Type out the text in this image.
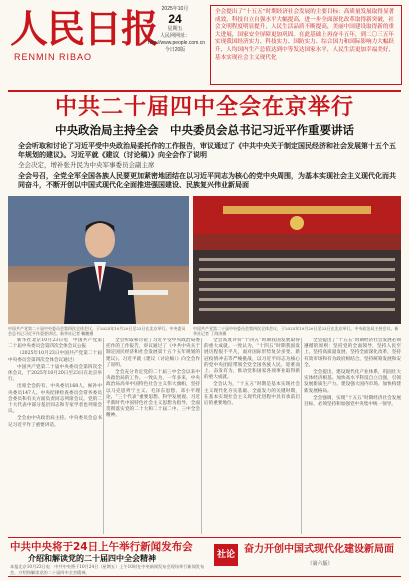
人民日报
RENMIN RIBAO
2025年10月
24
星期五
人民网网址：
http://www.people.com.cn
今日20版
全会提出了“十五五”时期经济社会发展的主要目标：高质量发展取得显著成效，科技自立自强水平大幅提高，进一步全面深化改革取得新突破，社会文明程度明显提升，人民生活品质不断提高，美丽中国建设取得新的重大进展，国家安全屏障更加巩固。在此基础上再奋斗五年，到二〇三五年实现我国经济实力、科技实力、国防实力、综合国力和国际影响力大幅跃升，人均国内生产总值达到中等发达国家水平，人民生活更加幸福美好，基本实现社会主义现代化
中共二十届四中全会在京举行
中央政治局主持全会　中央委员会总书记习近平作重要讲话
全会听取和讨论了习近平受中央政治局委托作的工作报告，审议通过了《中共中央关于制定国民经济和社会发展第十五个五年规划的建议》。习近平就《建议（讨论稿）》向全会作了说明
全会决定，增补张升民为中央军事委员会副主席
全会号召，全党全军全国各族人民要更加紧密地团结在以习近平同志为核心的党中央周围，为基本实现社会主义现代化而共同奋斗，不断开创以中国式现代化全面推进强国建设、民族复兴伟业新局面
中国共产党第二十届中央委员会第四次全体会议，于2025年10月20日至23日在北京举行。中央委员会总书记习近平作重要讲话。新华社记者 鞠鹏摄
中国共产党第二十届中央委员会第四次全体会议，于2025年10月20日至23日在北京举行。中央政治局主持会议。新华社记者 丁海涛摄

新华社北京10月23日电　中国共产党第二十届中央委员会第四次全体会议公报

（2025年10月23日中国共产党第二十届中央委员会第四次全体会议通过）

中国共产党第二十届中央委员会第四次全体会议，于2025年10月20日至23日在北京举行。

出席全会的有，中央委员168人，候补中央委员147人。中央纪律检查委员会常务委员会委员和有关方面负责同志列席会议。党的二十大代表中部分基层同志和专家学者也列席会议。

全会由中央政治局主持。中央委员会总书记习近平作了重要讲话。

全会听取和讨论了习近平受中央政治局委托作的工作报告，审议通过了《中共中央关于制定国民经济和社会发展第十五个五年规划的建议》。习近平就《建议（讨论稿）》向全会作了说明。

全会充分肯定党的二十届三中全会以来中央政治局的工作。一致认为，一年多来，中央政治局高举中国特色社会主义伟大旗帜，坚持以马克思列宁主义、毛泽东思想、邓小平理论、“三个代表”重要思想、科学发展观、习近平新时代中国特色社会主义思想为指导，全面贯彻落实党的二十大和二十届二中、三中全会精神。

全会高度评价“十四五”时期我国发展取得的重大成就。一致认为，“十四五”时期我国发展历程很不平凡，面对国际形势复杂多变、新冠疫情冲击等严峻挑战，以习近平同志为核心的党中央团结带领全党全国各族人民，迎难而上、奋发有为，推动党和国家各项事业取得新的重大成就。

全会认为，“十五五”时期是基本实现社会主义现代化夯实基础、全面发力的关键时期，在基本实现社会主义现代化进程中具有承前启后的重要地位。

全会提出了“十五五”时期经济社会发展必须遵循的原则：坚持党的全面领导，坚持人民至上，坚持高质量发展，坚持全面深化改革，坚持有效市场和有为政府相结合，坚持统筹发展和安全。

全会提出，建设现代化产业体系，巩固壮大实体经济根基。加快高水平科技自立自强，引领发展新质生产力。建设强大国内市场，加快构建新发展格局。

全会强调，实现“十五五”时期经济社会发展目标，必须坚持和加强党中央集中统一领导。

中共中央将于24日上午举行新闻发布会
介绍和解读党的二十届四中全会精神
本报北京10月23日电　中共中央将于10月24日（星期五）上午10时在中央新闻发布会现场举行新闻发布会，介绍和解读党的二十届四中全会精神。
社论 奋力开创中国式现代化建设新局面
（第六版）
